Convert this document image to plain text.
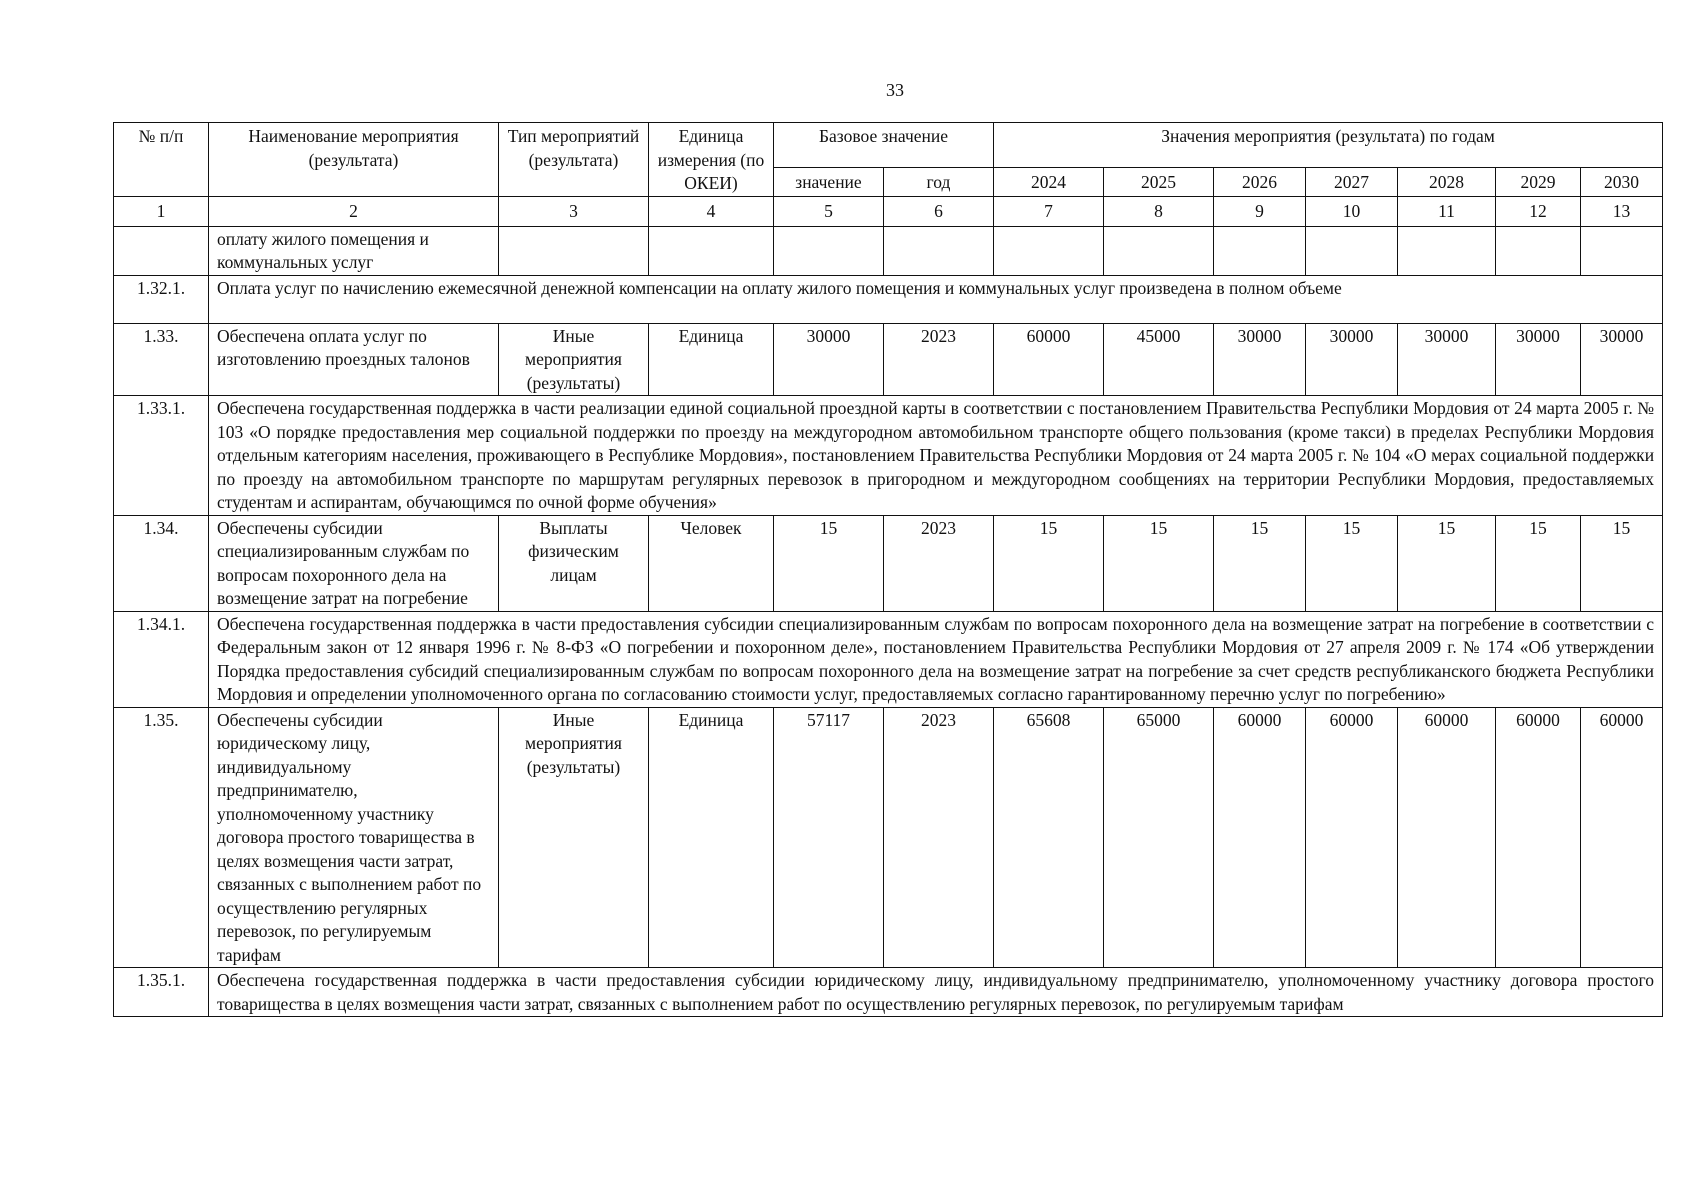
33
№ п/п	Наименование мероприятия (результата)	Тип мероприятий (результата)	Единица измерения (по ОКЕИ)	Базовое значение		Значения мероприятия (результата) по годам						
				значение	год	2024	2025	2026	2027	2028	2029	2030
1	2	3	4	5	6	7	8	9	10	11	12	13
	оплату жилого помещения и коммунальных услуг											
1.32.1.	Оплата услуг по начислению ежемесячной денежной компенсации на оплату жилого помещения и коммунальных услуг произведена в полном объеме											
1.33.	Обеспечена оплата услуг по изготовлению проездных талонов	Иные мероприятия (результаты)	Единица	30000	2023	60000	45000	30000	30000	30000	30000	30000
1.33.1.	Обеспечена государственная поддержка в части реализации единой социальной проездной карты в соответствии с постановлением Правительства Республики Мордовия от 24 марта 2005 г. № 103 «О порядке предоставления мер социальной поддержки по проезду на междугородном автомобильном транспорте общего пользования (кроме такси) в пределах Республики Мордовия отдельным категориям населения, проживающего в Республике Мордовия», постановлением Правительства Республики Мордовия от 24 марта 2005 г. № 104 «О мерах социальной поддержки по проезду на автомобильном транспорте по маршрутам регулярных перевозок в пригородном и междугородном сообщениях на территории Республики Мордовия, предоставляемых студентам и аспирантам, обучающимся по очной форме обучения»											
1.34.	Обеспечены субсидии специализированным службам по вопросам похоронного дела на возмещение затрат на погребение	Выплаты физическим лицам	Человек	15	2023	15	15	15	15	15	15	15
1.34.1.	Обеспечена государственная поддержка в части предоставления субсидии специализированным службам по вопросам похоронного дела на возмещение затрат на погребение в соответствии с Федеральным закон от 12 января 1996 г. № 8-ФЗ «О погребении и похоронном деле», постановлением Правительства Республики Мордовия от 27 апреля 2009 г. № 174 «Об утверждении Порядка предоставления субсидий специализированным службам по вопросам похоронного дела на возмещение затрат на погребение за счет средств республиканского бюджета Республики Мордовия и определении уполномоченного органа по согласованию стоимости услуг, предоставляемых согласно гарантированному перечню услуг по погребению»											
1.35.	Обеспечены субсидии юридическому лицу, индивидуальному предпринимателю, уполномоченному участнику договора простого товарищества в целях возмещения части затрат, связанных с выполнением работ по осуществлению регулярных перевозок, по регулируемым тарифам	Иные мероприятия (результаты)	Единица	57117	2023	65608	65000	60000	60000	60000	60000	60000
1.35.1.	Обеспечена государственная поддержка в части предоставления субсидии юридическому лицу, индивидуальному предпринимателю, уполномоченному участнику договора простого товарищества в целях возмещения части затрат, связанных с выполнением работ по осуществлению регулярных перевозок, по регулируемым тарифам											
